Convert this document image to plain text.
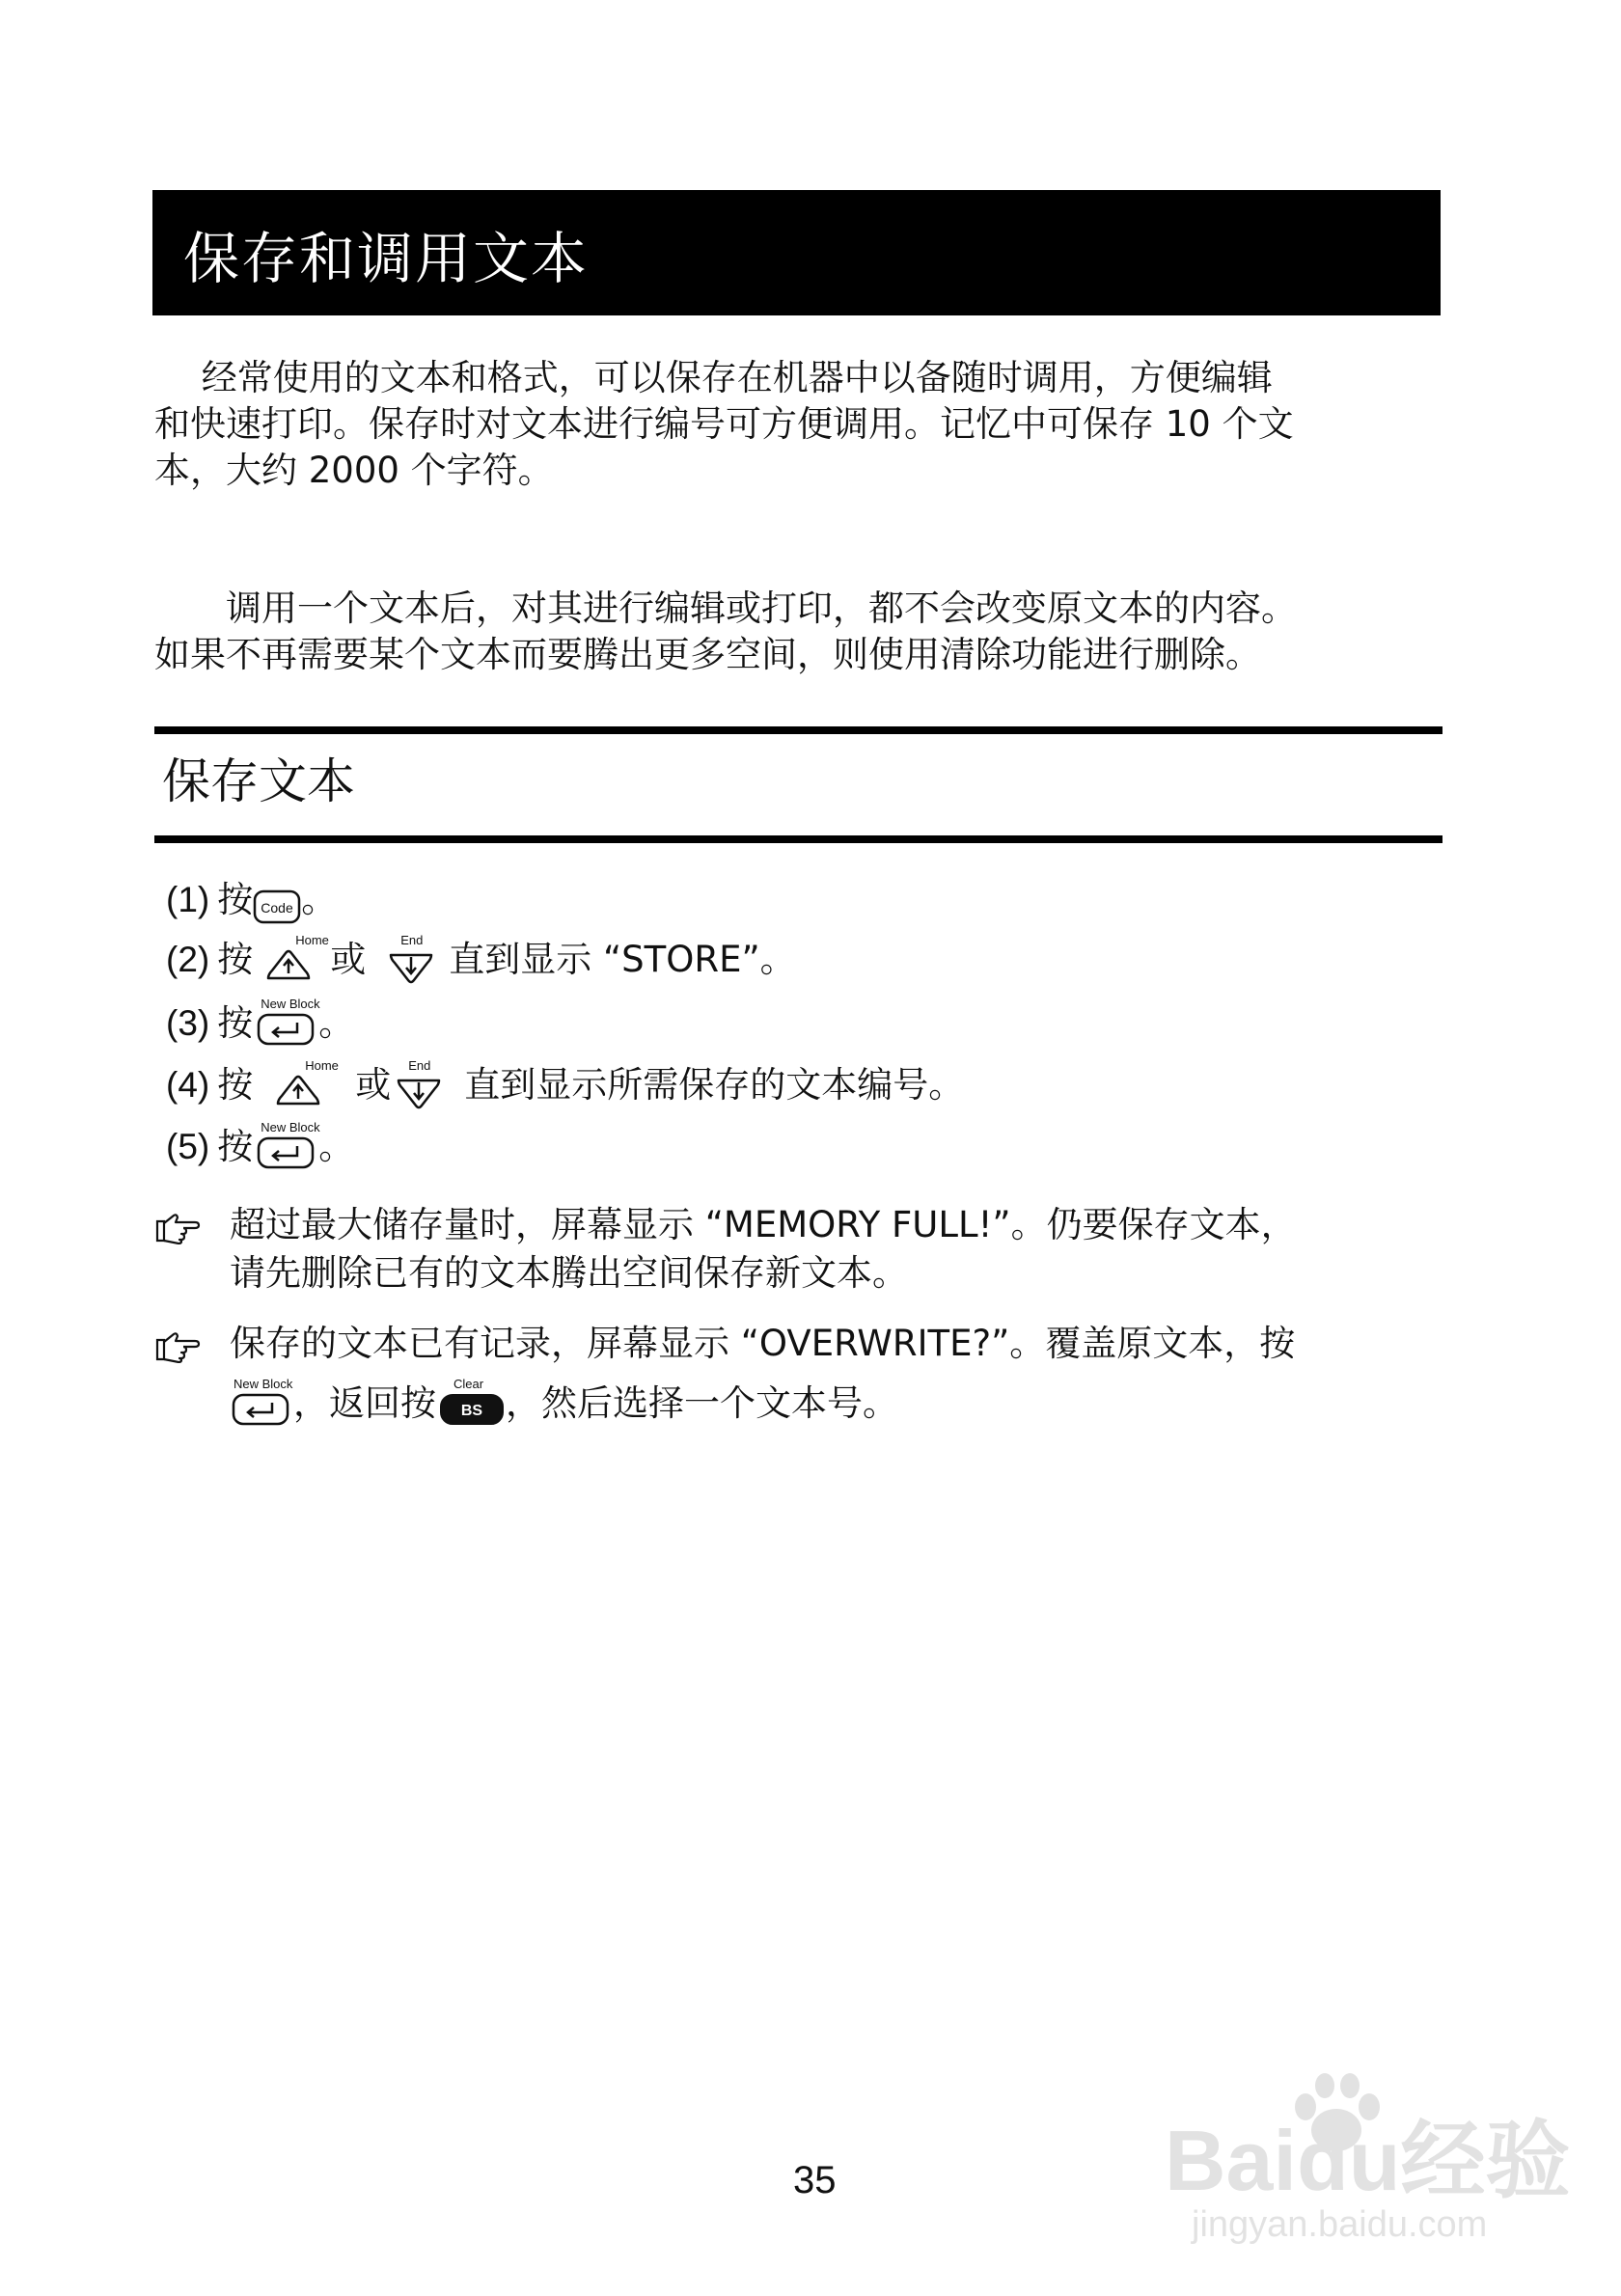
保存和调用文本
　 经常使用的文本和格式，可以保存在机器中以备随时调用，方便编辑
和快速打印。保存时对文本进行编号可方便调用。记忆中可保存 10 个文
本，大约 2000 个字符。
　　调用一个文本后，对其进行编辑或打印，都不会改变原文本的内容。
如果不再需要某个文本而要腾出更多空间，则使用清除功能进行删除。
保存文本
(1) 按 Code 。
(2) 按	Home 或	End 直到显示 “STORE”。
(3) 按 New Block
。
(4) 按	Home 或 End 直到显示所需保存的文本编号。
(5) 按 New Block
。
超过最大储存量时，屏幕显示 “MEMORY FULL!”。仍要保存文本，
请先删除已有的文本腾出空间保存新文本。
保存的文本已有记录，屏幕显示 “OVERWRITE?”。覆盖原文本，按
New Block ，返回按 BS
Clear ，然后选择一个文本号。
35	Baidu经验
jingyan.baidu.com
